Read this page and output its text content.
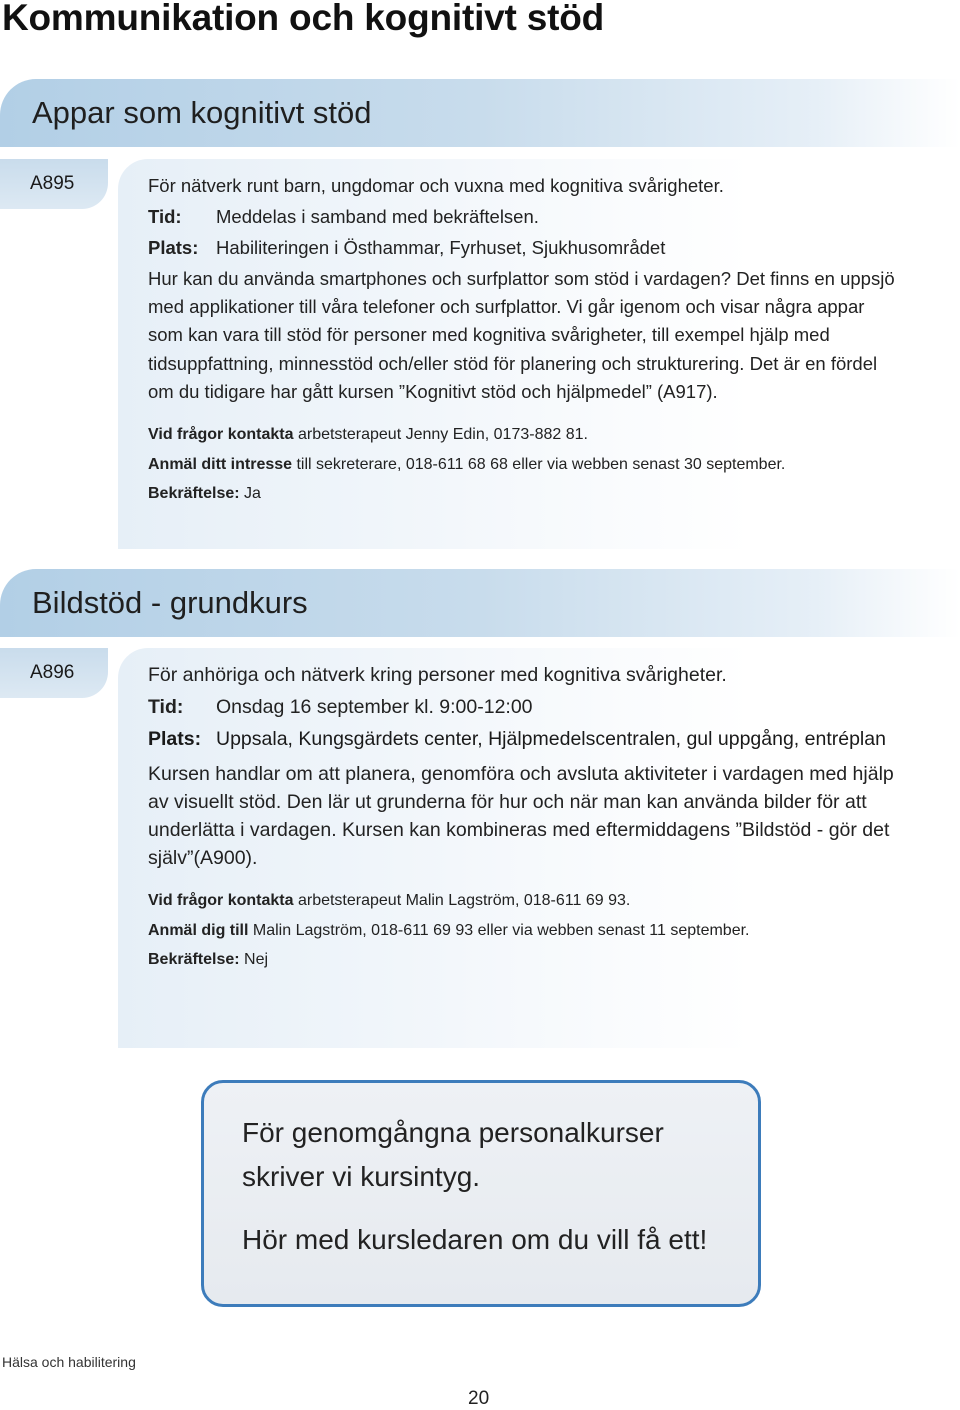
Kommunikation och kognitivt stöd
Appar som kognitivt stöd
A895	För nätverk runt barn, ungdomar och vuxna med kognitiva svårigheter.

Tid:	Meddelas i samband med bekräftelsen.
Plats: Habiliteringen i Östhammar, Fyrhuset, Sjukhusområdet

Hur kan du använda smartphones och surfplattor som stöd i vardagen? Det finns en uppsjö med applikationer till våra telefoner och surfplattor. Vi går igenom och visar några appar som kan vara till stöd för personer med kognitiva svårigheter, till exempel hjälp med tidsuppfattning, minnesstöd och/eller stöd för planering och strukturering. Det är en fördel om du tidigare har gått kursen ”Kognitivt stöd och hjälpmedel” (A917).

Vid frågor kontakta arbetsterapeut Jenny Edin, 0173-882 81.

Anmäl ditt intresse till sekreterare, 018-611 68 68 eller via webben senast 30 september.

Bekräftelse: Ja

Bildstöd - grundkurs
A896	För anhöriga och nätverk kring personer med kognitiva svårigheter.

Tid:	Onsdag 16 september kl. 9:00-12:00
Plats: Uppsala, Kungsgärdets center, Hjälpmedelscentralen, gul uppgång, entréplan

Kursen handlar om att planera, genomföra och avsluta aktiviteter i vardagen med hjälp av visuellt stöd. Den lär ut grunderna för hur och när man kan använda bilder för att underlätta i vardagen. Kursen kan kombineras med eftermiddagens ”Bildstöd - gör det själv”(A900).

Vid frågor kontakta arbetsterapeut Malin Lagström, 018-611 69 93.

Anmäl dig till Malin Lagström, 018-611 69 93 eller via webben senast 11 september.

Bekräftelse: Nej

För genomgångna personalkurser

skriver vi kursintyg.

Hör med kursledaren om du vill få ett!

Hälsa och habilitering
20
